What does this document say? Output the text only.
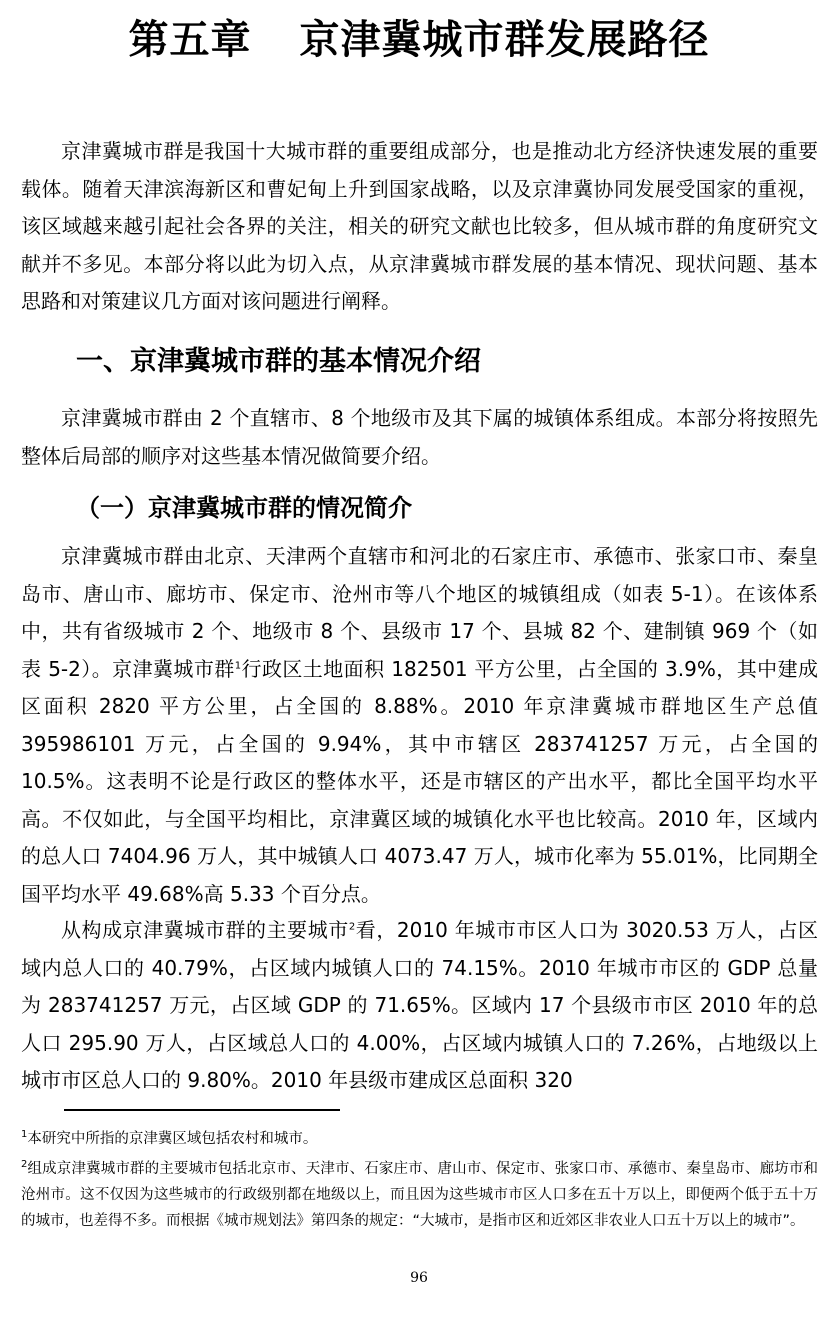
第五章 京津冀城市群发展路径

京津冀城市群是我国十大城市群的重要组成部分，也是推动北方经济快速发展的重要载体。随着天津滨海新区和曹妃甸上升到国家战略，以及京津冀协同发展受国家的重视，该区域越来越引起社会各界的关注，相关的研究文献也比较多，但从城市群的角度研究文献并不多见。本部分将以此为切入点，从京津冀城市群发展的基本情况、现状问题、基本思路和对策建议几方面对该问题进行阐释。

一、京津冀城市群的基本情况介绍

京津冀城市群由 2 个直辖市、8 个地级市及其下属的城镇体系组成。本部分将按照先整体后局部的顺序对这些基本情况做简要介绍。

（一）京津冀城市群的情况简介

京津冀城市群由北京、天津两个直辖市和河北的石家庄市、承德市、张家口市、秦皇岛市、唐山市、廊坊市、保定市、沧州市等八个地区的城镇组成（如表 5-1）。在该体系中，共有省级城市 2 个、地级市 8 个、县级市 17 个、县城 82 个、建制镇 969 个（如表 5-2）。京津冀城市群$^1$行政区土地面积 182501 平方公里，占全国的 3.9%，其中建成区面积 2820 平方公里，占全国的 8.88%。2010 年京津冀城市群地区生产总值 395986101 万元，占全国的 9.94%，其中市辖区 283741257 万元，占全国的 10.5%。这表明不论是行政区的整体水平，还是市辖区的产出水平，都比全国平均水平高。不仅如此，与全国平均相比，京津冀区域的城镇化水平也比较高。2010 年，区域内的总人口 7404.96 万人，其中城镇人口 4073.47 万人，城市化率为 55.01%，比同期全国平均水平 49.68%高 5.33 个百分点。

从构成京津冀城市群的主要城市$^2$看，2010 年城市市区人口为 3020.53 万人，占区域内总人口的 40.79%，占区域内城镇人口的 74.15%。2010 年城市市区的 GDP 总量为 283741257 万元，占区域 GDP 的 71.65%。区域内 17 个县级市市区 2010 年的总人口 295.90 万人，占区域总人口的 4.00%，占区域内城镇人口的 7.26%，占地级以上城市市区总人口的 9.80%。2010 年县级市建成区总面积 320

$^1$本研究中所指的京津冀区域包括农村和城市。

$^2$组成京津冀城市群的主要城市包括北京市、天津市、石家庄市、唐山市、保定市、张家口市、承德市、秦皇岛市、廊坊市和沧州市。这不仅因为这些城市的行政级别都在地级以上，而且因为这些城市市区人口多在五十万以上，即便两个低于五十万的城市，也差得不多。而根据《城市规划法》第四条的规定：“大城市，是指市区和近郊区非农业人口五十万以上的城市”。

96
